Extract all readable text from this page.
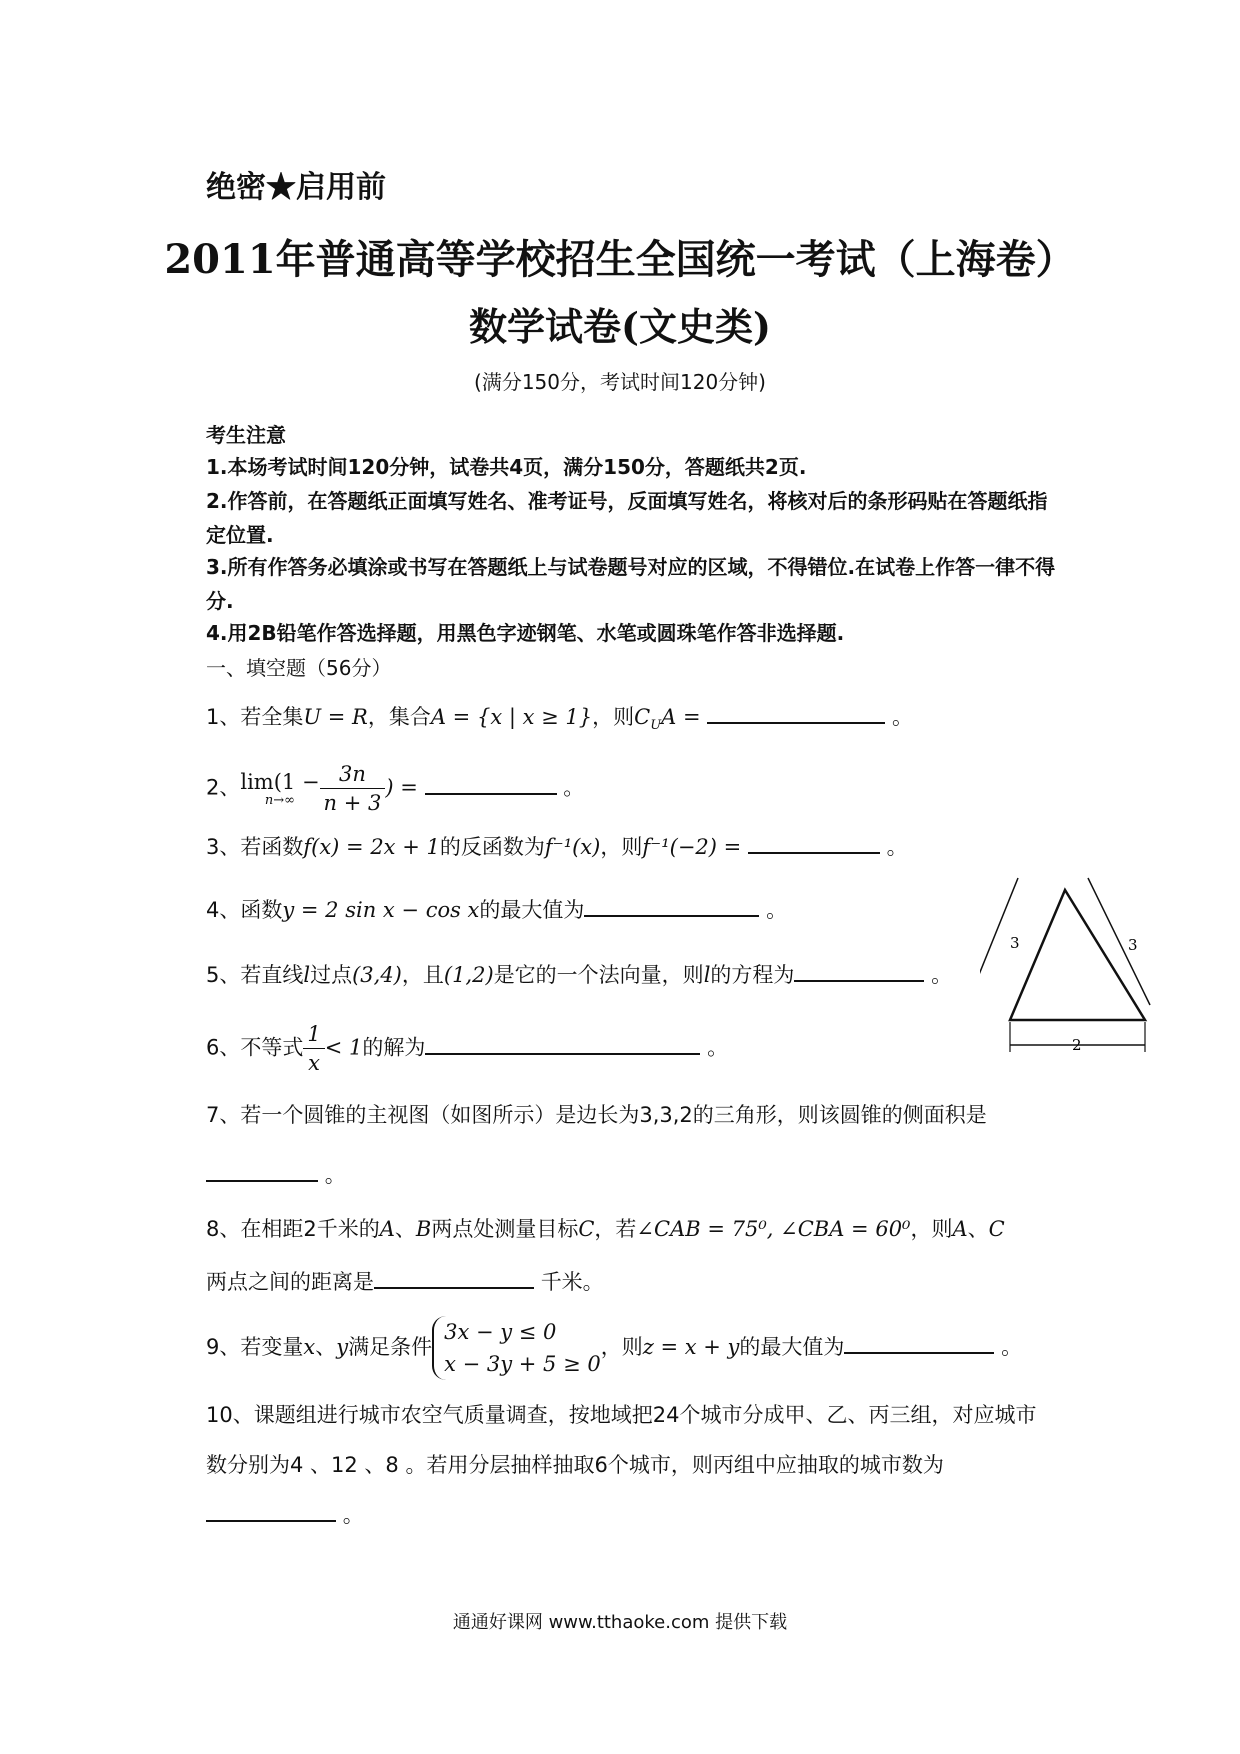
绝密★启用前
2011年普通高等学校招生全国统一考试（上海卷）
数学试卷(文史类)
(满分150分，考试时间120分钟)
考生注意
1.本场考试时间120分钟，试卷共4页，满分150分，答题纸共2页.
2.作答前，在答题纸正面填写姓名、准考证号，反面填写姓名，将核对后的条形码贴在答题纸指定位置.
3.所有作答务必填涂或书写在答题纸上与试卷题号对应的区域，不得错位.在试卷上作答一律不得分.
4.用2B铅笔作答选择题，用黑色字迹钢笔、水笔或圆珠笔作答非选择题.
一、填空题（56分）
1、若全集U = R，集合A = {x | x ≥ 1}，则$C_UA$ =	。
2、 lim(1 −
n→∞	$\frac{3n}{n + 3}$ ) =	。
3、若函数f(x) = 2x + 1的反函数为f⁻¹(x)，则f⁻¹(−2) =	。
4、函数y = 2 sin x − cos x的最大值为	。
5、若直线l过点(3,4)，且(1,2)是它的一个法向量，则l的方程为	。
6、不等式 $\frac{1}{x} < 1$的解为	。
7、若一个圆锥的主视图（如图所示）是边长为3,3,2的三角形，则该圆锥的侧面积是
。
8、在相距2千米的A、B两点处测量目标C，若∠CAB = 75⁰, ∠CBA = 60⁰，则A、C
两点之间的距离是	千米。
9、若变量x、y满足条件
3x − y ≤ 0
x − 3y + 5 ≥ 0
，则z = x + y的最大值为	。
10、课题组进行城市农空气质量调查，按地域把24个城市分成甲、乙、丙三组，对应城市数分别为4 、12 、8 。若用分层抽样抽取6个城市，则丙组中应抽取的城市数为 。
3	3
2
通通好课网 www.tthaoke.com 提供下载
